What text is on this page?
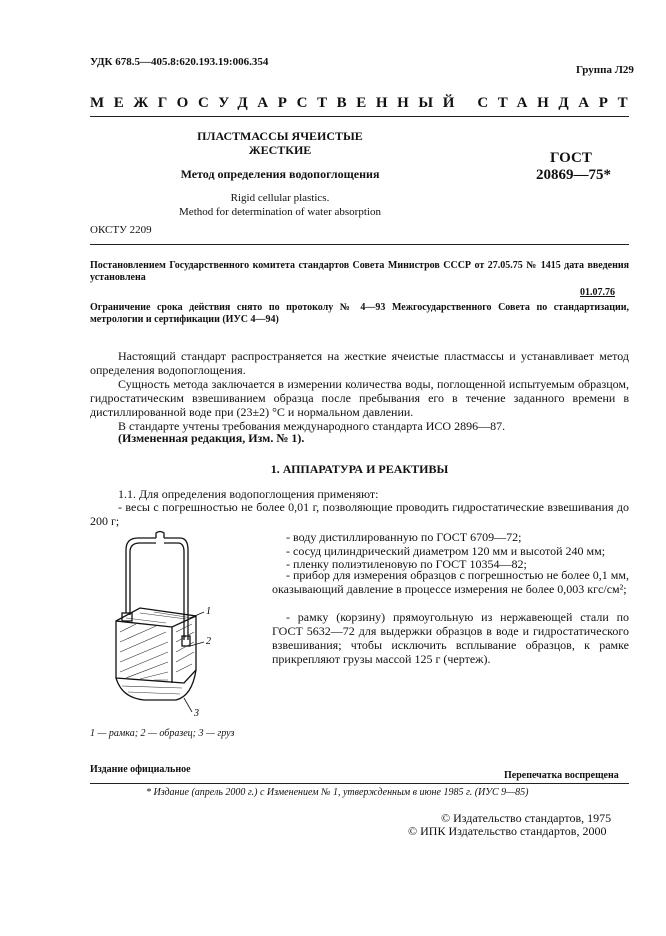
УДК 678.5—405.8:620.193.19:006.354
Группа Л29
МЕЖГОСУДАРСТВЕННЫЙ СТАНДАРТ
ПЛАСТМАССЫ ЯЧЕИСТЫЕ
ЖЕСТКИЕ
Метод определения водопоглощения
Rigid cellular plastics.
Method for determination of water absorption
ГОСТ
20869—75*
ОКСТУ 2209
Постановлением Государственного комитета стандартов Совета Министров СССР от 27.05.75 № 1415 дата введения установлена
01.07.76
Ограничение срока действия снято по протоколу № 4—93 Межгосударственного Совета по стандартизации, метрологии и сертификации (ИУС 4—94)
Настоящий стандарт распространяется на жесткие ячеистые пластмассы и устанавливает метод определения водопоглощения.
Сущность метода заключается в измерении количества воды, поглощенной испытуемым образцом, гидростатическим взвешиванием образца после пребывания его в течение заданного времени в дистиллированной воде при (23±2) °С и нормальном давлении.
В стандарте учтены требования международного стандарта ИСО 2896—87.
(Измененная редакция, Изм. № 1).
1. АППАРАТУРА И РЕАКТИВЫ
1.1. Для определения водопоглощения применяют:
- весы с погрешностью не более 0,01 г, позволяющие проводить гидростатические взвешивания до 200 г;
- воду дистиллированную по ГОСТ 6709—72;
- сосуд цилиндрический диаметром 120 мм и высотой 240 мм;
- пленку полиэтиленовую по ГОСТ 10354—82;
- прибор для измерения образцов с погрешностью не более 0,1 мм, оказывающий давление в процессе измерения не более 0,003 кгс/см²;
- рамку (корзину) прямоугольную из нержавеющей стали по ГОСТ 5632—72 для выдержки образцов в воде и гидростатического взвешивания; чтобы исключить всплывание образцов, к рамке прикрепляют грузы массой 125 г (чертеж).
1
2
3
1 — рамка; 2 — образец; 3 — груз
Издание официальное
Перепечатка воспрещена
* Издание (апрель 2000 г.) с Изменением № 1, утвержденным в июне 1985 г. (ИУС 9—85)
© Издательство стандартов, 1975
© ИПК Издательство стандартов, 2000
